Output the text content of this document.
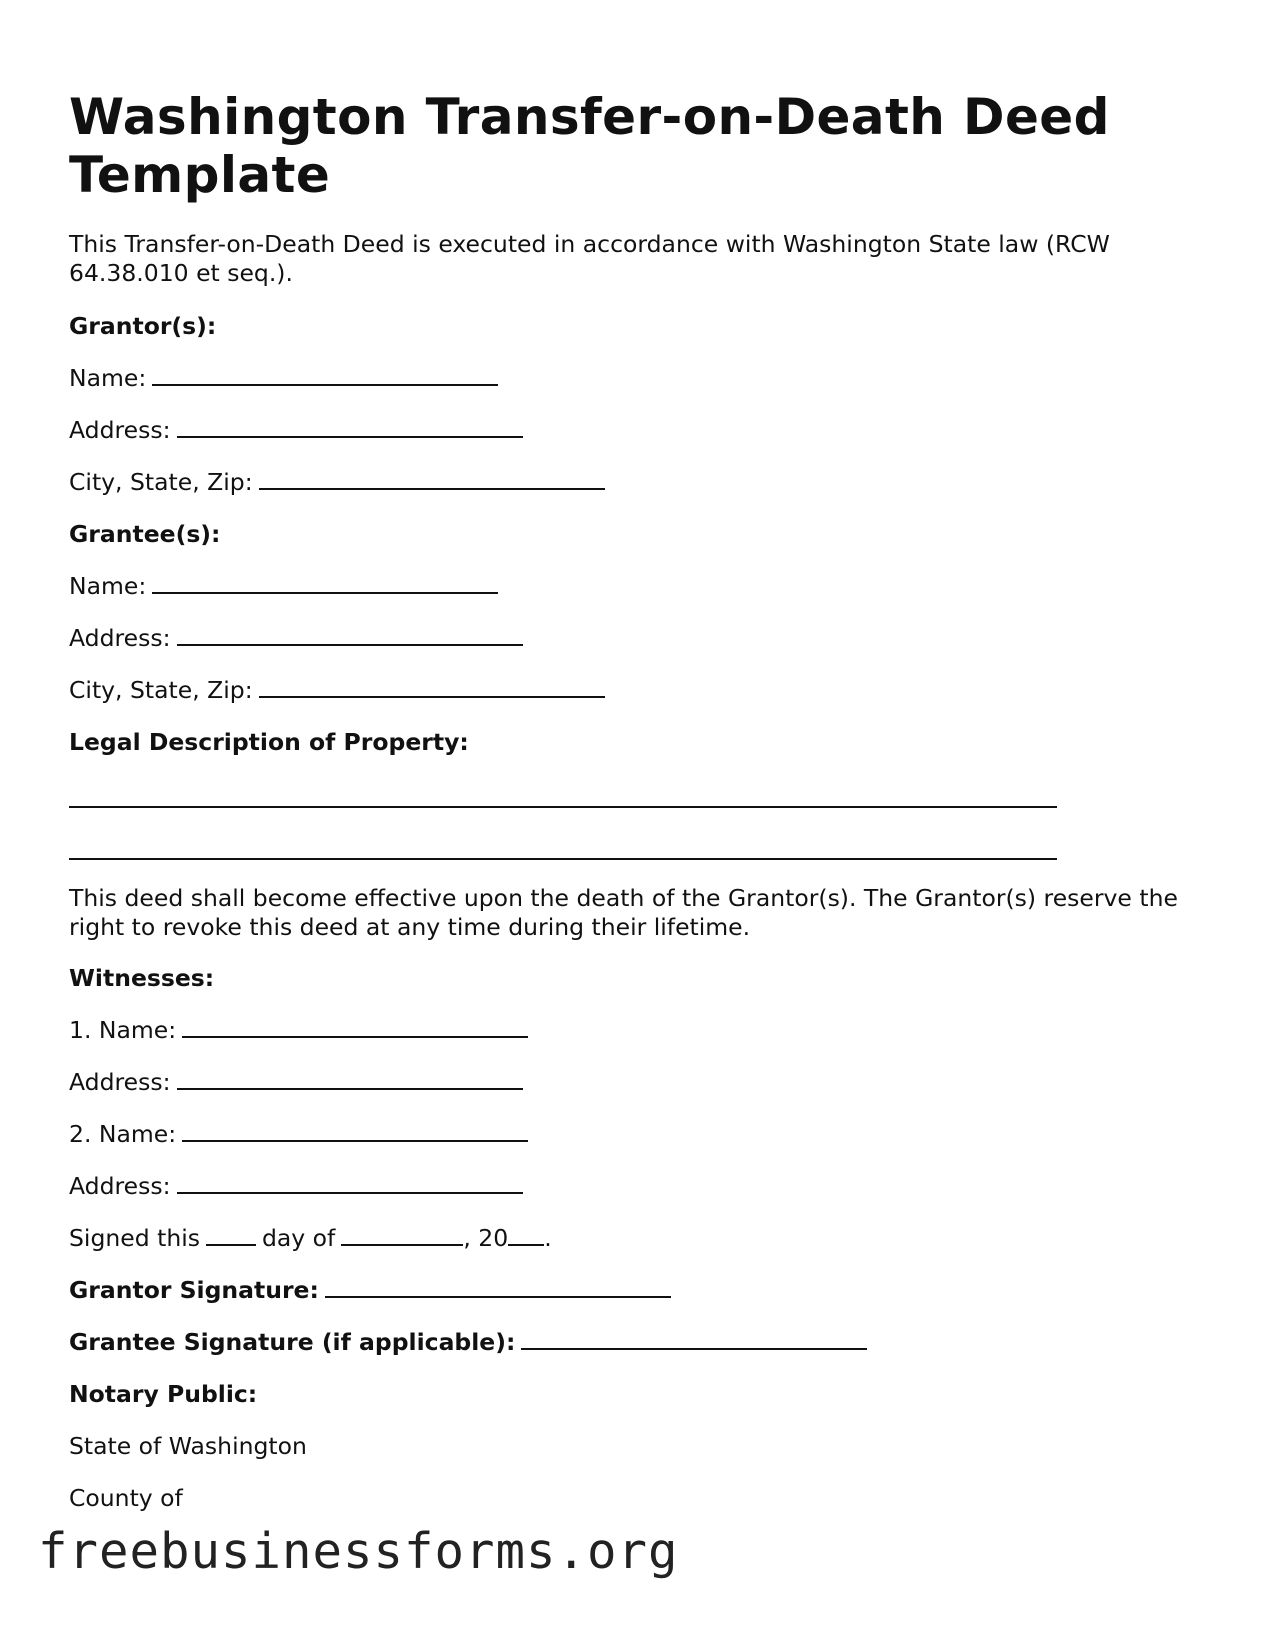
Washington Transfer-on-Death Deed Template

This Transfer-on-Death Deed is executed in accordance with Washington State law (RCW 64.38.010 et seq.).

Grantor(s):
Name:
Address:
City, State, Zip:
Grantee(s):
Name:
Address:
City, State, Zip:
Legal Description of Property:

This deed shall become effective upon the death of the Grantor(s). The Grantor(s) reserve the right to revoke this deed at any time during their lifetime.

Witnesses:
1. Name:
Address:
2. Name:
Address:
Signed this	day of	, 20 .
Grantor Signature:
Grantee Signature (if applicable):
Notary Public:
State of Washington
County of
freebusinessforms.org
